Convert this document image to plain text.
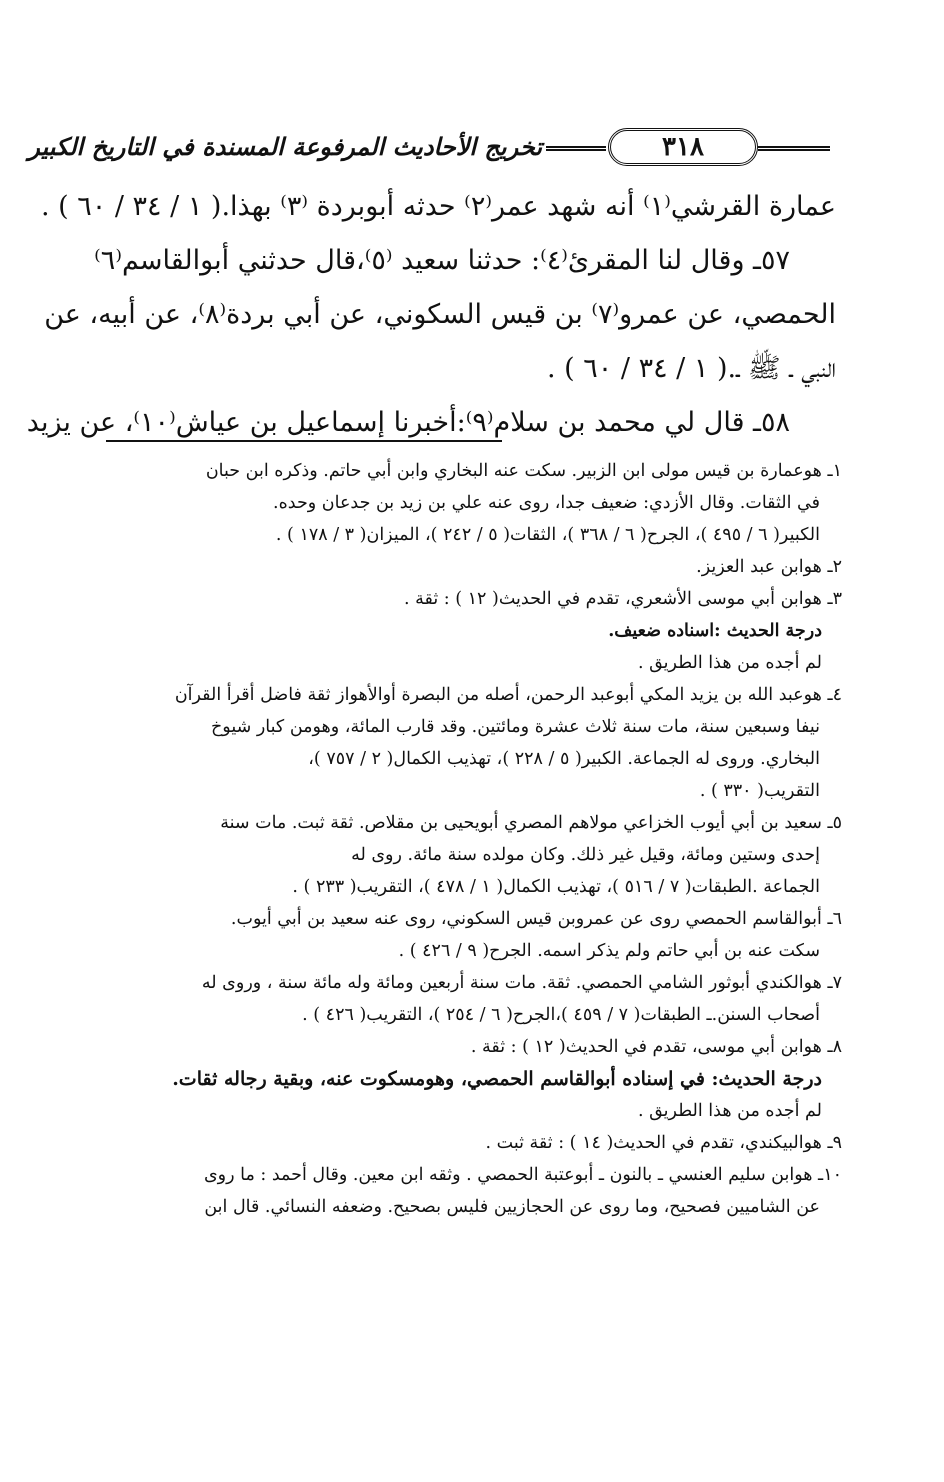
٣١٨
تخريج الأحاديث المرفوعة المسندة في التاريخ الكبير

عمارة القرشي⁽١⁾ أنه شهد عمر⁽٢⁾ حدثه أبوبردة ⁽٣⁾ بهذا.( ١ / ٣٤ / ٦٠ ) .

٥٧ـ وقال لنا المقرئ⁽٤⁾: حدثنا سعيد ⁽٥⁾،قال حدثني أبوالقاسم⁽٦⁾

الحمصي، عن عمرو⁽٧⁾ بن قيس السكوني، عن أبي بردة⁽٨⁾، عن أبيه، عن

النبي ـ ﷺ ـ.( ١ / ٣٤ / ٦٠ ) .

٥٨ـ قال لي محمد بن سلام⁽٩⁾:أخبرنا إسماعيل بن عياش⁽١٠⁾، عن يزيد

١ـ هوعمارة بن قيس مولى ابن الزبير. سكت عنه البخاري وابن أبي حاتم. وذكره ابن حبان
في الثقات. وقال الأزدي: ضعيف جدا، روى عنه علي بن زيد بن جدعان وحده.
الكبير( ٦ / ٤٩٥ )، الجرح( ٦ / ٣٦٨ )، الثقات( ٥ / ٢٤٢ )، الميزان( ٣ / ١٧٨ ) .
٢ـ هوابن عبد العزيز.
٣ـ هوابن أبي موسى الأشعري، تقدم في الحديث( ١٢ ) : ثقة .
درجة الحديث :اسناده ضعيف.
لم أجده من هذا الطريق .
٤ـ هوعبد الله بن يزيد المكي أبوعبد الرحمن، أصله من البصرة أوالأهواز ثقة فاضل أقرأ القرآن
نيفا وسبعين سنة، مات سنة ثلاث عشرة ومائتين. وقد قارب المائة، وهومن كبار شيوخ
البخاري. وروى له الجماعة. الكبير( ٥ / ٢٢٨ )، تهذيب الكمال( ٢ / ٧٥٧ )،
التقريب( ٣٣٠ ) .
٥ـ سعيد بن أبي أيوب الخزاعي مولاهم المصري أبويحيى بن مقلاص. ثقة ثبت. مات سنة
إحدى وستين ومائة، وقيل غير ذلك. وكان مولده سنة مائة. روى له
الجماعة .الطبقات( ٧ / ٥١٦ )، تهذيب الكمال( ١ / ٤٧٨ )، التقريب( ٢٣٣ ) .
٦ـ أبوالقاسم الحمصي روى عن عمروبن قيس السكوني، روى عنه سعيد بن أبي أيوب.
سكت عنه بن أبي حاتم ولم يذكر اسمه. الجرح( ٩ / ٤٢٦ ) .
٧ـ هوالكندي أبوثور الشامي الحمصي. ثقة. مات سنة أربعين ومائة وله مائة سنة ، وروى له
أصحاب السنن.ـ الطبقات( ٧ / ٤٥٩ )،الجرح( ٦ / ٢٥٤ )، التقريب( ٤٢٦ ) .
٨ـ هوابن أبي موسى، تقدم في الحديث( ١٢ ) : ثقة .
درجة الحديث: في إسناده أبوالقاسم الحمصي، وهومسكوت عنه، وبقية رجاله ثقات.
لم أجده من هذا الطريق .
٩ـ هوالبيكندي، تقدم في الحديث( ١٤ ) : ثقة ثبت .
١٠ـ هوابن سليم العنسي ـ بالنون ـ أبوعتبة الحمصي . وثقه ابن معين. وقال أحمد : ما روى
عن الشاميين فصحيح، وما روى عن الحجازيين فليس بصحيح. وضعفه النسائي. قال ابن
